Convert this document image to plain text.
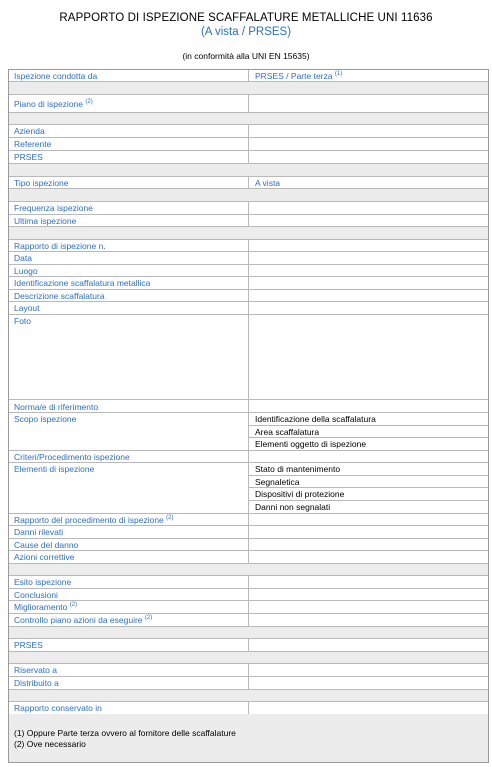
RAPPORTO DI ISPEZIONE SCAFFALATURE METALLICHE UNI 11636
(A vista / PRSES)
(in conformità alla UNI EN 15635)
Ispezione condotta da	PRSES / Parte terza $^{(1)}$
Piano di ispezione $^{(2)}$
Azienda
Referente
PRSES
Tipo ispezione	A vista
Frequenza ispezione
Ultima ispezione
Rapporto di ispezione n.
Data
Luogo
Identificazione scaffalatura metallica
Descrizione scaffalatura
Layout
Foto
Norma/e di riferimento
Scopo ispezione	Identificazione della scaffalatura
Area scaffalatura
Elementi oggetto di ispezione
Criteri/Procedimento ispezione
Elementi di ispezione	Stato di mantenimento
Segnaletica
Dispositivi di protezione
Danni non segnalati
Rapporto del procedimento di ispezione $^{(2)}$
Danni rilevati
Cause del danno
Azioni correttive
Esito ispezione
Conclusioni
Miglioramento $^{(2)}$
Controllo piano azioni da eseguire $^{(2)}$
PRSES
Riservato a
Distribuito a
Rapporto conservato in
(1) Oppure Parte terza ovvero al fornitore delle scaffalature
(2) Ove necessario
